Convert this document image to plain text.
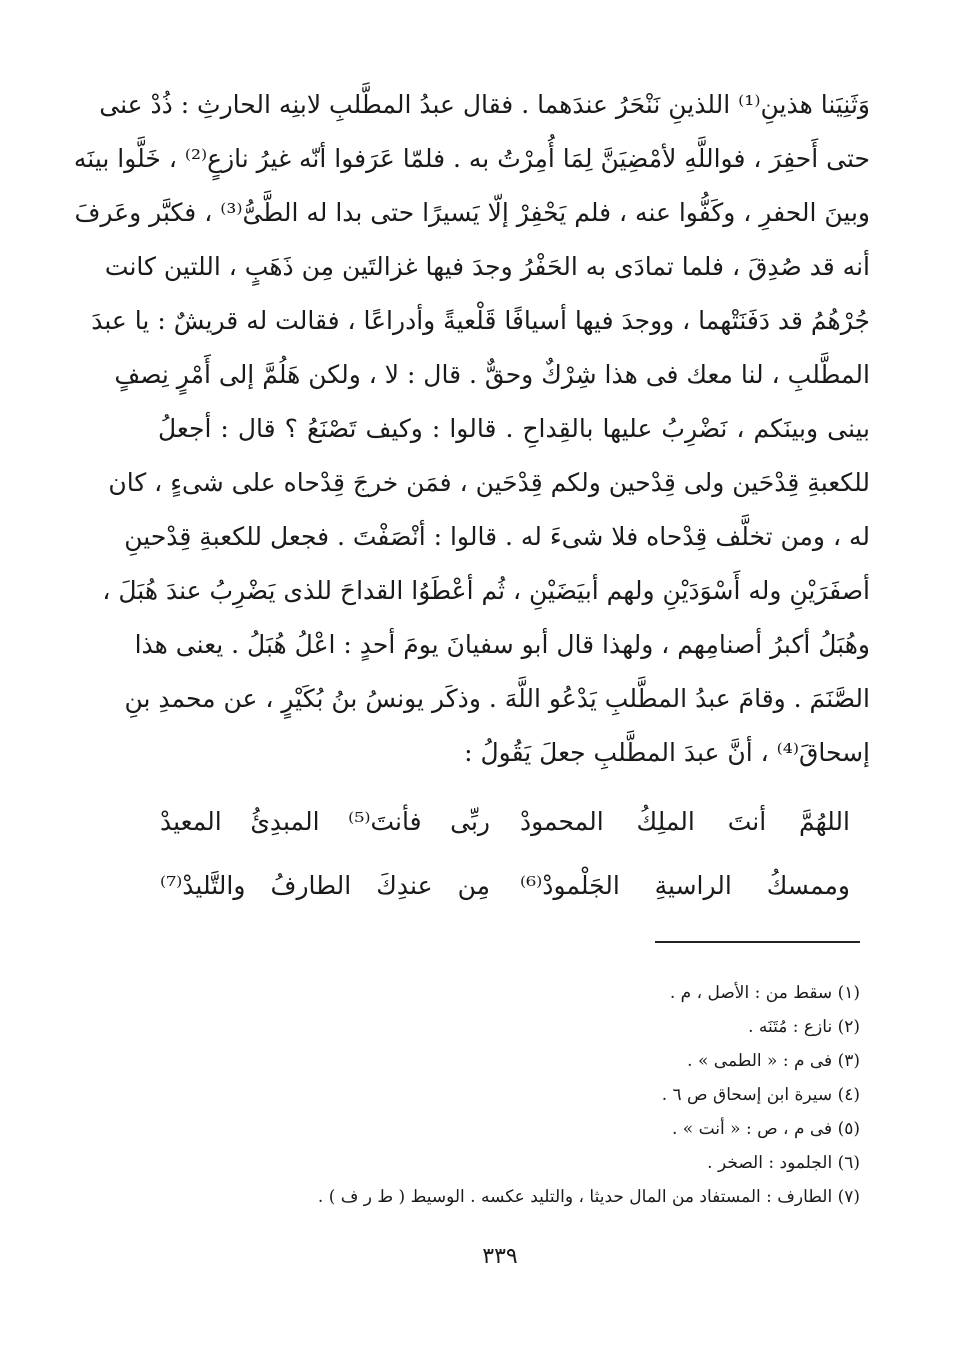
وَثَنِيَنا هذينِ⁽¹⁾ اللذينِ نَنْحَرُ عندَهما . فقال عبدُ المطَّلبِ لابنِه الحارثِ : ذُدْ عنى
حتى أَحفِرَ ، فواللَّهِ لأمْضِيَنَّ لِمَا أُمِرْتُ به . فلمّا عَرَفوا أنّه غيرُ نازعٍ⁽²⁾ ، خَلَّوا بينَه
وبينَ الحفرِ ، وكَفُّوا عنه ، فلم يَحْفِرْ إلّا يَسيرًا حتى بدا له الطَّىُّ⁽³⁾ ، فكبَّر وعَرفَ
أنه قد صُدِقَ ، فلما تمادَى به الحَفْرُ وجدَ فيها غزالتَين مِن ذَهَبٍ ، اللتين كانت
جُرْهُمُ قد دَفَنَتْهما ، ووجدَ فيها أسيافًا قَلْعيةً وأدراعًا ، فقالت له قريشٌ : يا عبدَ
المطَّلبِ ، لنا معك فى هذا شِرْكٌ وحقٌّ . قال : لا ، ولكن هَلُمَّ إلى أَمْرٍ نِصفٍ
بينى وبينَكم ، نَضْرِبُ عليها بالقِداحِ . قالوا : وكيف تَصْنَعُ ؟ قال : أجعلُ
للكعبةِ قِدْحَين ولى قِدْحين ولكم قِدْحَين ، فمَن خرجَ قِدْحاه على شىءٍ ، كان
له ، ومن تخلَّف قِدْحاه فلا شىءَ له . قالوا : أنْصَفْتَ . فجعل للكعبةِ قِدْحينِ
أصفَرَيْنِ وله أَسْوَدَيْنِ ولهم أبيَضَيْنِ ، ثُم أعْطَوُا القداحَ للذى يَضْرِبُ عندَ هُبَلَ ،
وهُبَلُ أكبرُ أصنامِهم ، ولهذا قال أبو سفيانَ يومَ أحدٍ : اعْلُ هُبَلُ . يعنى هذا
الصَّنَمَ . وقامَ عبدُ المطَّلبِ يَدْعُو اللَّهَ . وذكَر يونسُ بنُ بُكَيْرٍ ، عن محمدِ بنِ
إسحاقَ⁽⁴⁾ ، أنَّ عبدَ المطَّلبِ جعلَ يَقُولُ :
اللهُمَّ أنتَ الملِكُ المحمودْ
ربِّى فأنتَ⁽⁵⁾ المبدِئُ المعيدْ
وممسكُ الراسيةِ الجَلْمودْ⁽⁶⁾
مِن عندِكَ الطارفُ والتَّليدْ⁽⁷⁾
(١) سقط من : الأصل ، م .
(٢) نازع : مُتَنَه .
(٣) فى م : « الطمى » .
(٤) سيرة ابن إسحاق ص ٦ .
(٥) فى م ، ص : « أنت » .
(٦) الجلمود : الصخر .
(٧) الطارف : المستفاد من المال حديثا ، والتليد عكسه . الوسيط ( ط ر ف ) .
٣٣٩
